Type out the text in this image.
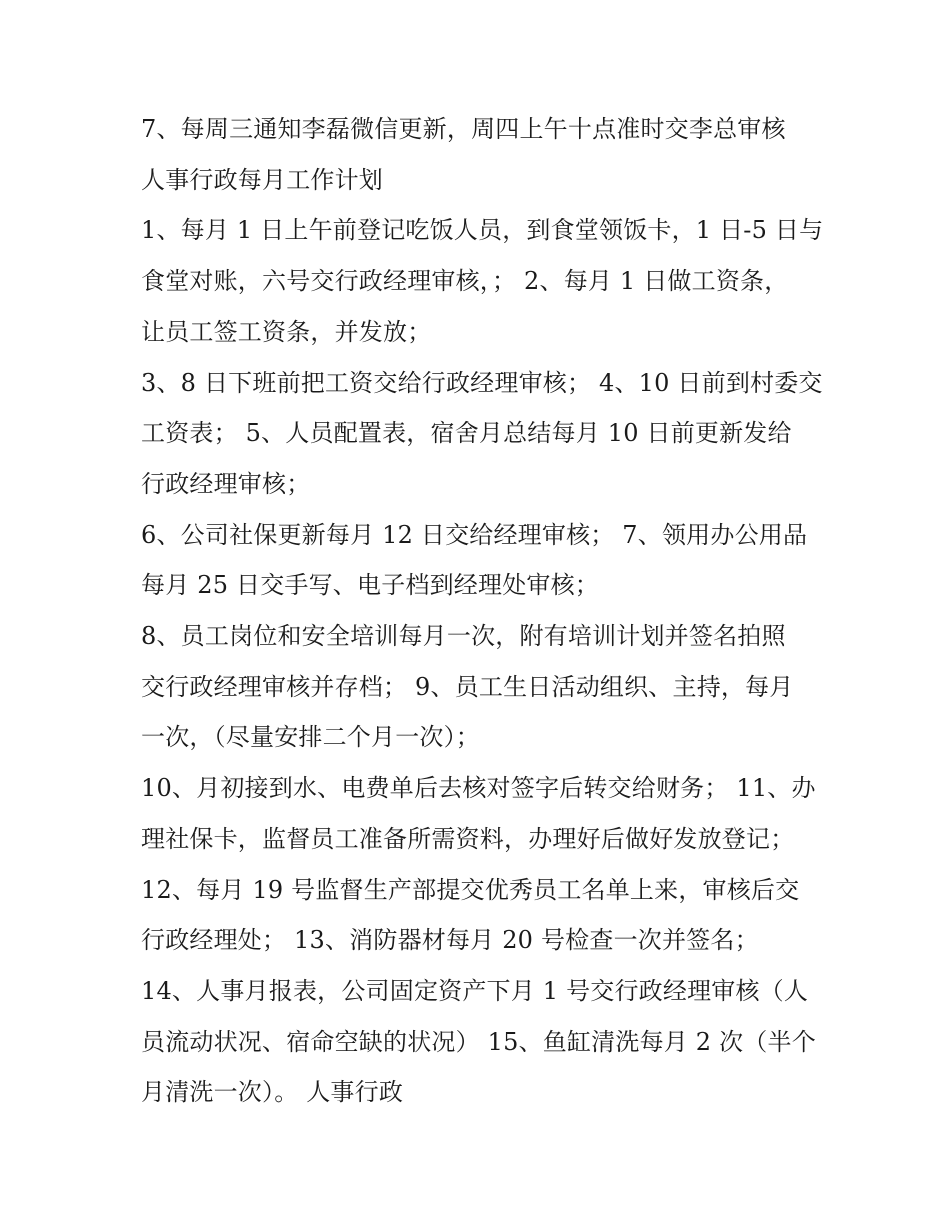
7、每周三通知李磊微信更新，周四上午十点准时交李总审核

人事行政每月工作计划

1、每月 1 日上午前登记吃饭人员，到食堂领饭卡，1 日-5 日与

食堂对账，六号交行政经理审核，； 2、每月 1 日做工资条，

让员工签工资条，并发放；

3、8 日下班前把工资交给行政经理审核； 4、10 日前到村委交

工资表； 5、人员配置表，宿舍月总结每月 10 日前更新发给

行政经理审核；

6、公司社保更新每月 12 日交给经理审核； 7、领用办公用品

每月 25 日交手写、电子档到经理处审核；

8、员工岗位和安全培训每月一次，附有培训计划并签名拍照

交行政经理审核并存档； 9、员工生日活动组织、主持，每月

一次，（尽量安排二个月一次）；

10、月初接到水、电费单后去核对签字后转交给财务； 11、办

理社保卡，监督员工准备所需资料，办理好后做好发放登记；

12、每月 19 号监督生产部提交优秀员工名单上来，审核后交

行政经理处； 13、消防器材每月 20 号检查一次并签名；

14、人事月报表，公司固定资产下月 1 号交行政经理审核（人

员流动状况、宿命空缺的状况） 15、鱼缸清洗每月 2 次（半个

月清洗一次）。 人事行政
